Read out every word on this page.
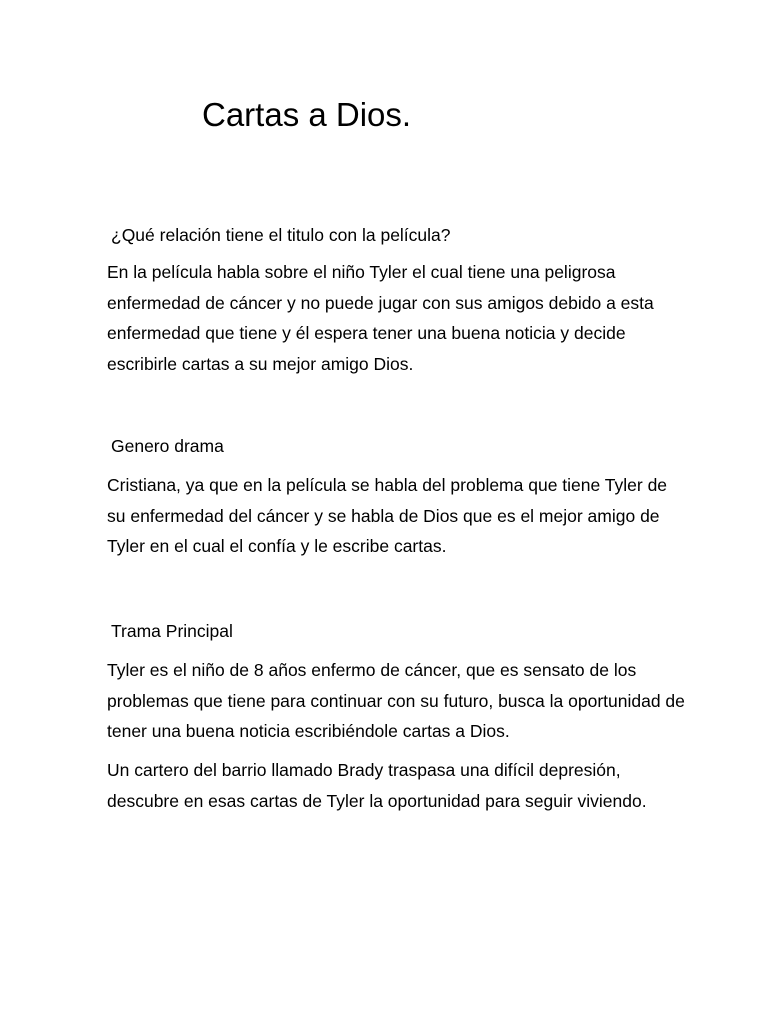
Cartas a Dios.

¿Qué relación tiene el titulo con la película?

En la película habla sobre el niño Tyler el cual tiene una peligrosa enfermedad de cáncer y no puede jugar con sus amigos debido a esta enfermedad que tiene y él espera tener una buena noticia y decide escribirle cartas a su mejor amigo Dios.

Genero drama

Cristiana, ya que en la película se habla del problema que tiene Tyler de su enfermedad del cáncer y se habla de Dios que es el mejor amigo de Tyler en el cual el confía y le escribe cartas.

Trama Principal

Tyler es el niño de 8 años enfermo de cáncer, que es sensato de los problemas que tiene para continuar con su futuro, busca la oportunidad de tener una buena noticia escribiéndole cartas a Dios.

Un cartero del barrio llamado Brady traspasa una difícil depresión, descubre en esas cartas de Tyler la oportunidad para seguir viviendo.
